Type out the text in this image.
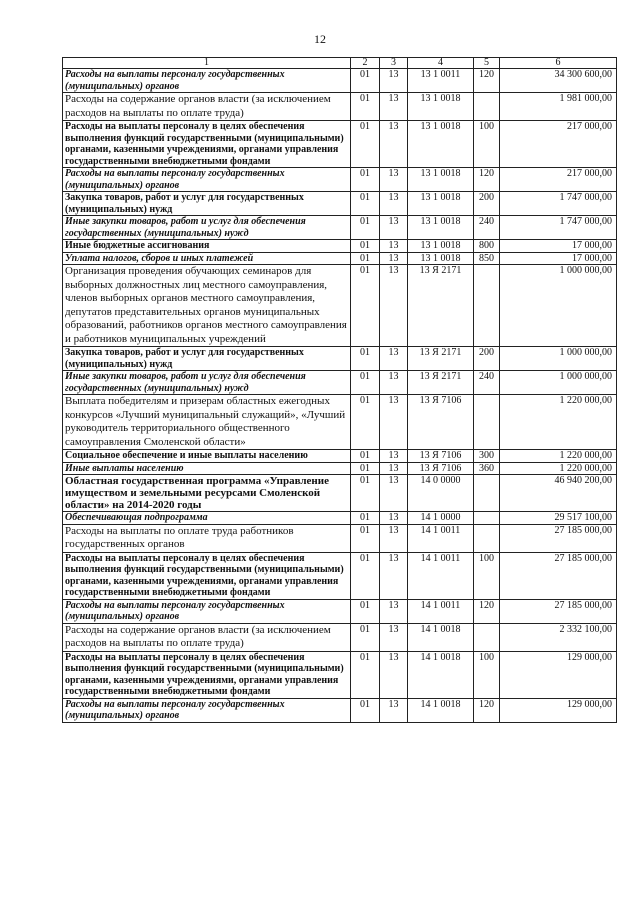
12
1	2	3	4	5	6
Расходы на выплаты персоналу государственных (муниципальных) органов	01	13	13 1 0011	120	34 300 600,00
Расходы на содержание органов власти (за исключением расходов на выплаты по оплате труда)	01	13	13 1 0018		1 981 000,00
Расходы на выплаты персоналу в целях обеспечения выполнения функций государственными (муниципальными) органами, казенными учреждениями, органами управления государственными внебюджетными фондами	01	13	13 1 0018	100	217 000,00
Расходы на выплаты персоналу государственных (муниципальных) органов	01	13	13 1 0018	120	217 000,00
Закупка товаров, работ и услуг для государственных (муниципальных) нужд	01	13	13 1 0018	200	1 747 000,00
Иные закупки товаров, работ и услуг для обеспечения государственных (муниципальных) нужд	01	13	13 1 0018	240	1 747 000,00
Иные бюджетные ассигнования	01	13	13 1 0018	800	17 000,00
Уплата налогов, сборов и иных платежей	01	13	13 1 0018	850	17 000,00
Организация проведения обучающих семинаров для выборных должностных лиц местного самоуправления, членов выборных органов местного самоуправления, депутатов представительных органов муниципальных образований, работников органов местного самоуправления и работников муниципальных учреждений	01	13	13 Я 2171		1 000 000,00
Закупка товаров, работ и услуг для государственных (муниципальных) нужд	01	13	13 Я 2171	200	1 000 000,00
Иные закупки товаров, работ и услуг для обеспечения государственных (муниципальных) нужд	01	13	13 Я 2171	240	1 000 000,00
Выплата победителям и призерам областных ежегодных конкурсов «Лучший муниципальный служащий», «Лучший руководитель территориального общественного самоуправления Смоленской области»	01	13	13 Я 7106		1 220 000,00
Социальное обеспечение и иные выплаты населению	01	13	13 Я 7106	300	1 220 000,00
Иные выплаты населению	01	13	13 Я 7106	360	1 220 000,00
Областная государственная программа «Управление имуществом и земельными ресурсами Смоленской области» на 2014-2020 годы	01	13	14 0 0000		46 940 200,00
Обеспечивающая подпрограмма	01	13	14 1 0000		29 517 100,00
Расходы на выплаты по оплате труда работников государственных органов	01	13	14 1 0011		27 185 000,00
Расходы на выплаты персоналу в целях обеспечения выполнения функций государственными (муниципальными) органами, казенными учреждениями, органами управления государственными внебюджетными фондами	01	13	14 1 0011	100	27 185 000,00
Расходы на выплаты персоналу государственных (муниципальных) органов	01	13	14 1 0011	120	27 185 000,00
Расходы на содержание органов власти (за исключением расходов на выплаты по оплате труда)	01	13	14 1 0018		2 332 100,00
Расходы на выплаты персоналу в целях обеспечения выполнения функций государственными (муниципальными) органами, казенными учреждениями, органами управления государственными внебюджетными фондами	01	13	14 1 0018	100	129 000,00
Расходы на выплаты персоналу государственных (муниципальных) органов	01	13	14 1 0018	120	129 000,00
